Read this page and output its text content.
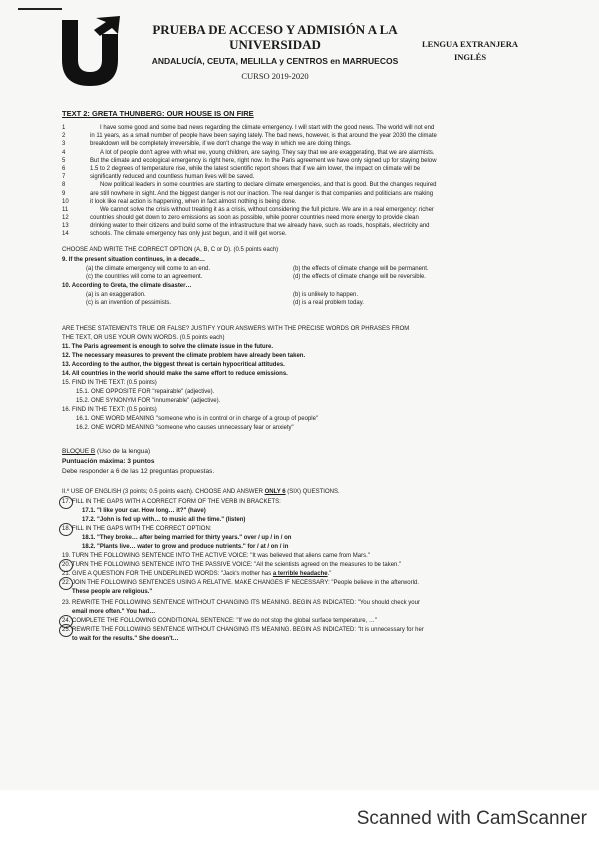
PRUEBA DE ACCESO Y ADMISIÓN A LA
UNIVERSIDAD
ANDALUCÍA, CEUTA, MELILLA y CENTROS en MARRUECOS
CURSO 2019-2020
LENGUA EXTRANJERA
INGLÉS
TEXT 2: GRETA THUNBERG: OUR HOUSE IS ON FIRE
1	I have some good and some bad news regarding the climate emergency. I will start with the good news. The world will not end
2	in 11 years, as a small number of people have been saying lately. The bad news, however, is that around the year 2030 the climate
3	breakdown will be completely irreversible, if we don't change the way in which we are doing things.
4	A lot of people don't agree with what we, young children, are saying. They say that we are exaggerating, that we are alarmists.
5	But the climate and ecological emergency is right here, right now. In the Paris agreement we have only signed up for staying below
6	1.5 to 2 degrees of temperature rise, while the latest scientific report shows that if we aim lower, the impact on climate will be
7	significantly reduced and countless human lives will be saved.
8	Now political leaders in some countries are starting to declare climate emergencies, and that is good. But the changes required
9	are still nowhere in sight. And the biggest danger is not our inaction. The real danger is that companies and politicians are making
10	it look like real action is happening, when in fact almost nothing is being done.
11	We cannot solve the crisis without treating it as a crisis, without considering the full picture. We are in a real emergency: richer
12	countries should get down to zero emissions as soon as possible, while poorer countries need more energy to provide clean
13	drinking water to their citizens and build some of the infrastructure that we already have, such as roads, hospitals, electricity and
14	schools. The climate emergency has only just begun, and it will get worse.
CHOOSE AND WRITE THE CORRECT OPTION (A, B, C or D). (0.5 points each)
9. If the present situation continues, in a decade…
(a) the climate emergency will come to an end.	(b) the effects of climate change will be permanent.
(c) the countries will come to an agreement.	(d) the effects of climate change will be reversible.
10. According to Greta, the climate disaster…
(a) is an exaggeration.	(b) is unlikely to happen.
(c) is an invention of pessimists.	(d) is a real problem today.
ARE THESE STATEMENTS TRUE OR FALSE? JUSTIFY YOUR ANSWERS WITH THE PRECISE WORDS OR PHRASES FROM
THE TEXT, OR USE YOUR OWN WORDS. (0.5 points each)
11. The Paris agreement is enough to solve the climate issue in the future.
12. The necessary measures to prevent the climate problem have already been taken.
13. According to the author, the biggest threat is certain hypocritical attitudes.
14. All countries in the world should make the same effort to reduce emissions.
15. FIND IN THE TEXT: (0.5 points)
15.1. ONE OPPOSITE FOR "repairable" (adjective).
15.2. ONE SYNONYM FOR "innumerable" (adjective).
16. FIND IN THE TEXT: (0.5 points)
16.1. ONE WORD MEANING "someone who is in control or in charge of a group of people"
16.2. ONE WORD MEANING "someone who causes unnecessary fear or anxiety"
BLOQUE B (Uso de la lengua)
Puntuación máxima: 3 puntos
Debe responder a 6 de las 12 preguntas propuestas.
II.º USE OF ENGLISH (3 points; 0.5 points each). CHOOSE AND ANSWER ONLY 6 (SIX) QUESTIONS.
17. FILL IN THE GAPS WITH A CORRECT FORM OF THE VERB IN BRACKETS:
17.1. "I like your car. How long… it?" (have)
17.2. "John is fed up with… to music all the time." (listen)
18. FILL IN THE GAPS WITH THE CORRECT OPTION:
18.1. "They broke… after being married for thirty years." over / up / in / on
18.2. "Plants live… water to grow and produce nutrients." for / at / on / in
19. TURN THE FOLLOWING SENTENCE INTO THE ACTIVE VOICE: "It was believed that aliens came from Mars."
20. TURN THE FOLLOWING SENTENCE INTO THE PASSIVE VOICE: "All the scientists agreed on the measures to be taken."
21. GIVE A QUESTION FOR THE UNDERLINED WORDS: "Jack's mother has a terrible headache."
22. JOIN THE FOLLOWING SENTENCES USING A RELATIVE. MAKE CHANGES IF NECESSARY: "People believe in the afterworld.
These people are religious."
23. REWRITE THE FOLLOWING SENTENCE WITHOUT CHANGING ITS MEANING. BEGIN AS INDICATED: "You should check your
email more often." You had…
24. COMPLETE THE FOLLOWING CONDITIONAL SENTENCE: "If we do not stop the global surface temperature, …"
25. REWRITE THE FOLLOWING SENTENCE WITHOUT CHANGING ITS MEANING. BEGIN AS INDICATED: "It is unnecessary for her
to wait for the results." She doesn't…
Scanned with CamScanner
